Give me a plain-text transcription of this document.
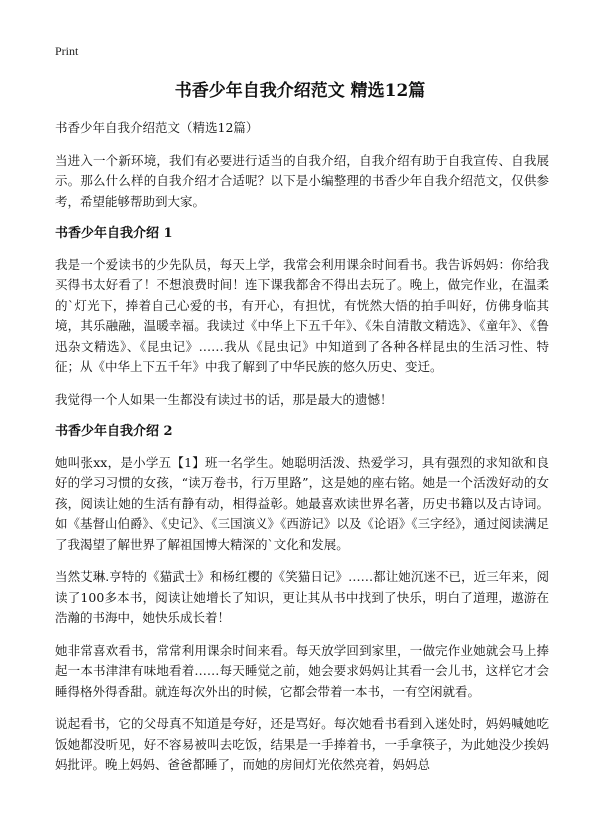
Print
书香少年自我介绍范文 精选12篇

书香少年自我介绍范文（精选12篇）

当进入一个新环境，我们有必要进行适当的自我介绍，自我介绍有助于自我宣传、自我展示。那么什么样的自我介绍才合适呢？以下是小编整理的书香少年自我介绍范文，仅供参考，希望能够帮助到大家。

书香少年自我介绍 1

我是一个爱读书的少先队员，每天上学，我常会利用课余时间看书。我告诉妈妈：你给我买得书太好看了！不想浪费时间！连下课我都舍不得出去玩了。晚上，做完作业，在温柔的`灯光下，捧着自己心爱的书，有开心，有担忧，有恍然大悟的拍手叫好，仿佛身临其境，其乐融融，温暖幸福。我读过《中华上下五千年》、《朱自清散文精选》、《童年》、《鲁迅杂文精选》、《昆虫记》……我从《昆虫记》中知道到了各种各样昆虫的生活习性、特征；从《中华上下五千年》中我了解到了中华民族的悠久历史、变迁。

我觉得一个人如果一生都没有读过书的话，那是最大的遗憾！

书香少年自我介绍 2

她叫张xx，是小学五【1】班一名学生。她聪明活泼、热爱学习，具有强烈的求知欲和良好的学习习惯的女孩，“读万卷书，行万里路”，这是她的座右铭。她是一个活泼好动的女孩，阅读让她的生活有静有动，相得益彰。她最喜欢读世界名著，历史书籍以及古诗词。如《基督山伯爵》、《史记》、《三国演义》《西游记》以及《论语》《三字经》，通过阅读满足了我渴望了解世界了解祖国博大精深的`文化和发展。

当然艾琳.亨特的《猫武士》和杨红樱的《笑猫日记》……都让她沉迷不已，近三年来，阅读了100多本书，阅读让她增长了知识，更让其从书中找到了快乐，明白了道理，遨游在浩瀚的书海中，她快乐成长着！

她非常喜欢看书，常常利用课余时间来看。每天放学回到家里，一做完作业她就会马上捧起一本书津津有味地看着……每天睡觉之前，她会要求妈妈让其看一会儿书，这样它才会睡得格外得香甜。就连每次外出的时候，它都会带着一本书，一有空闲就看。

说起看书，它的父母真不知道是夸好，还是骂好。每次她看书看到入迷处时，妈妈喊她吃饭她都没听见，好不容易被叫去吃饭，结果是一手捧着书，一手拿筷子，为此她没少挨妈妈批评。晚上妈妈、爸爸都睡了，而她的房间灯光依然亮着，妈妈总
